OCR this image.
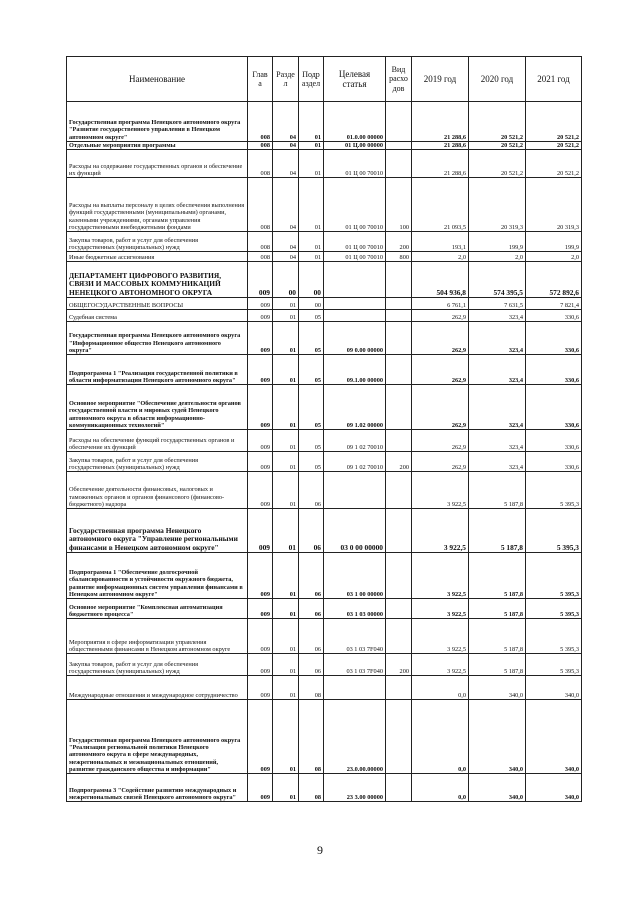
Наименование	Глав а	Разде л	Подр аздел	Целевая статья	Вид расхо дов	2019 год	2020 год	2021 год
Государственная программа Ненецкого автономного округа "Развитие государственного управления в Ненецком автономном округе"	008	04	01	01.0.00 00000		21 288,6	20 521,2	20 521,2
Отдельные мероприятия программы	008	04	01	01 Ц.00 00000		21 288,6	20 521,2	20 521,2
Расходы на содержание государственных органов и обеспечение их функций	008	04	01	01 Ц 00 70010		21 288,6	20 521,2	20 521,2
Расходы на выплаты персоналу в целях обеспечения выполнения функций государственными (муниципальными) органами, казенными учреждениями, органами управления государственными внебюджетными фондами	008	04	01	01 Ц 00 70010	100	21 093,5	20 319,3	20 319,3
Закупка товаров, работ и услуг для обеспечения государственных (муниципальных) нужд	008	04	01	01 Ц 00 70010	200	193,1	199,9	199,9
Иные бюджетные ассигнования	008	04	01	01 Ц 00 70010	800	2,0	2,0	2,0
ДЕПАРТАМЕНТ ЦИФРОВОГО РАЗВИТИЯ, СВЯЗИ И МАССОВЫХ КОММУНИКАЦИЙ НЕНЕЦКОГО АВТОНОМНОГО ОКРУГА	009	00	00			504 936,8	574 395,5	572 892,6
ОБЩЕГОСУДАРСТВЕННЫЕ ВОПРОСЫ	009	01	00			6 761,1	7 631,5	7 821,4
Судебная система	009	01	05			262,9	323,4	330,6
Государственная программа Ненецкого автономного округа "Информационное общество Ненецкого автономного округа"	009	01	05	09 0.00 00000		262,9	323,4	330,6
Подпрограмма 1 "Реализация государственной политики в области информатизации Ненецкого автономного округа"	009	01	05	09.1.00 00000		262,9	323,4	330,6
Основное мероприятие "Обеспечение деятельности органов государственной власти и мировых судей Ненецкого автономного округа в области информационно-коммуникационных технологий"	009	01	05	09 1.02 00000		262,9	323,4	330,6
Расходы на обеспечение функций государственных органов и обеспечение их функций	009	01	05	09 1 02 70010		262,9	323,4	330,6
Закупка товаров, работ и услуг для обеспечения государственных (муниципальных) нужд	009	01	05	09 1 02 70010	200	262,9	323,4	330,6
Обеспечение деятельности финансовых, налоговых и таможенных органов и органов финансового (финансово-бюджетного) надзора	009	01	06			3 922,5	5 187,8	5 395,3
Государственная программа Ненецкого автономного округа "Управление региональными финансами в Ненецком автономном округе"	009	01	06	03 0 00 00000		3 922,5	5 187,8	5 395,3
Подпрограмма 1 "Обеспечение долгосрочной сбалансированности и устойчивости окружного бюджета, развитие информационных систем управления финансами в Ненецком автономном округе"	009	01	06	03 1 00 00000		3 922,5	5 187,8	5 395,3
Основное мероприятие "Комплексная автоматизация бюджетного процесса"	009	01	06	03 1 03 00000		3 922,5	5 187,8	5 395,3
Мероприятия в сфере информатизации управления общественными финансами в Ненецком автономном округе	009	01	06	03 1 03 7F040		3 922,5	5 187,8	5 395,3
Закупка товаров, работ и услуг для обеспечения государственных (муниципальных) нужд	009	01	06	03 1 03 7F040	200	3 922,5	5 187,8	5 395,3
Международные отношения и международное сотрудничество	009	01	08			0,0	340,0	340,0
Государственная программа Ненецкого автономного округа "Реализация региональной политики Ненецкого автономного округа в сфере международных, межрегиональных и межнациональных отношений, развитие гражданского общества и информации"	009	01	08	23.0.00.00000		0,0	340,0	340,0
Подпрограмма 3 "Содействие развитию международных и межрегиональных связей Ненецкого автономного округа"	009	01	08	23 3.00 00000		0,0	340,0	340,0
9
